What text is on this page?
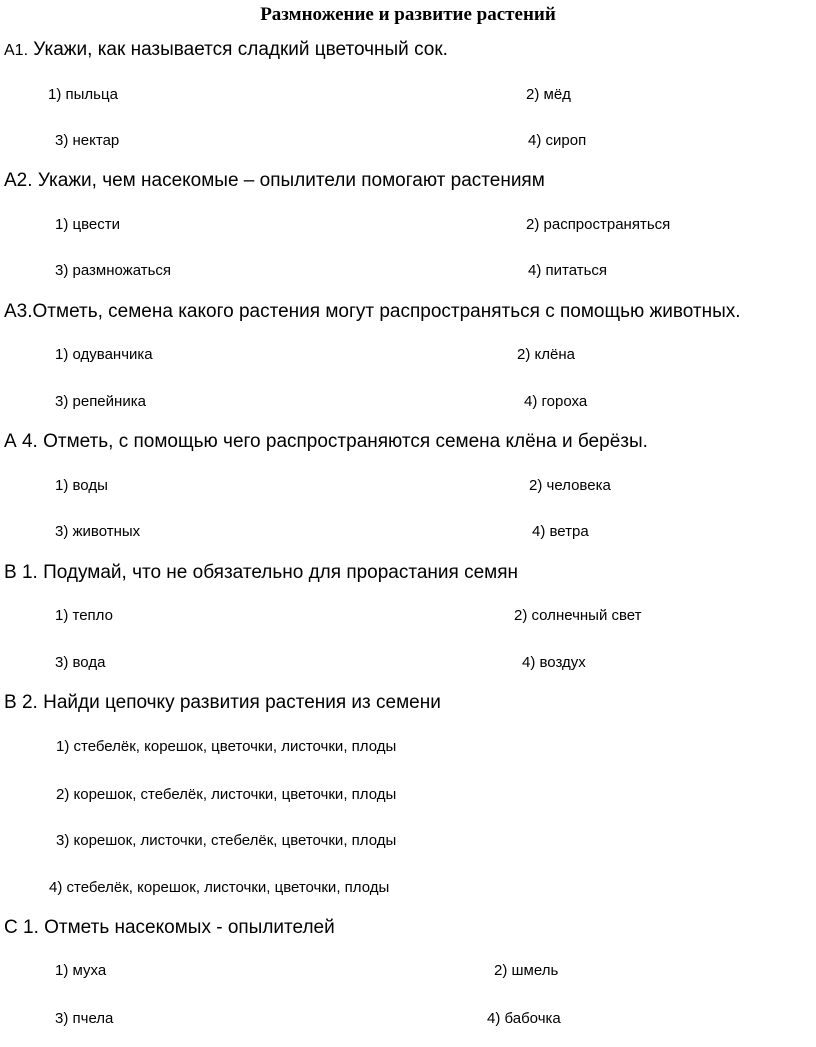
Размножение и развитие растений
А1. Укажи, как называется сладкий цветочный сок.
1) пыльца	2) мёд
3) нектар	4) сироп
А2. Укажи, чем насекомые – опылители помогают растениям
1) цвести	2) распространяться
3) размножаться	4) питаться
А3.Отметь, семена какого растения могут распространяться с помощью животных.
1) одуванчика	2) клёна
3) репейника	4) гороха
А 4. Отметь, с помощью чего распространяются семена клёна и берёзы.
1) воды	2) человека
3) животных	4) ветра
В 1. Подумай, что не обязательно для прорастания семян
1) тепло	2) солнечный свет
3) вода	4) воздух
В 2. Найди цепочку развития растения из семени
1) стебелёк, корешок, цветочки, листочки, плоды
2) корешок, стебелёк, листочки, цветочки, плоды
3) корешок, листочки, стебелёк, цветочки, плоды
4) стебелёк, корешок, листочки, цветочки, плоды
С 1. Отметь насекомых - опылителей
1) муха	2) шмель
3) пчела	4) бабочка
